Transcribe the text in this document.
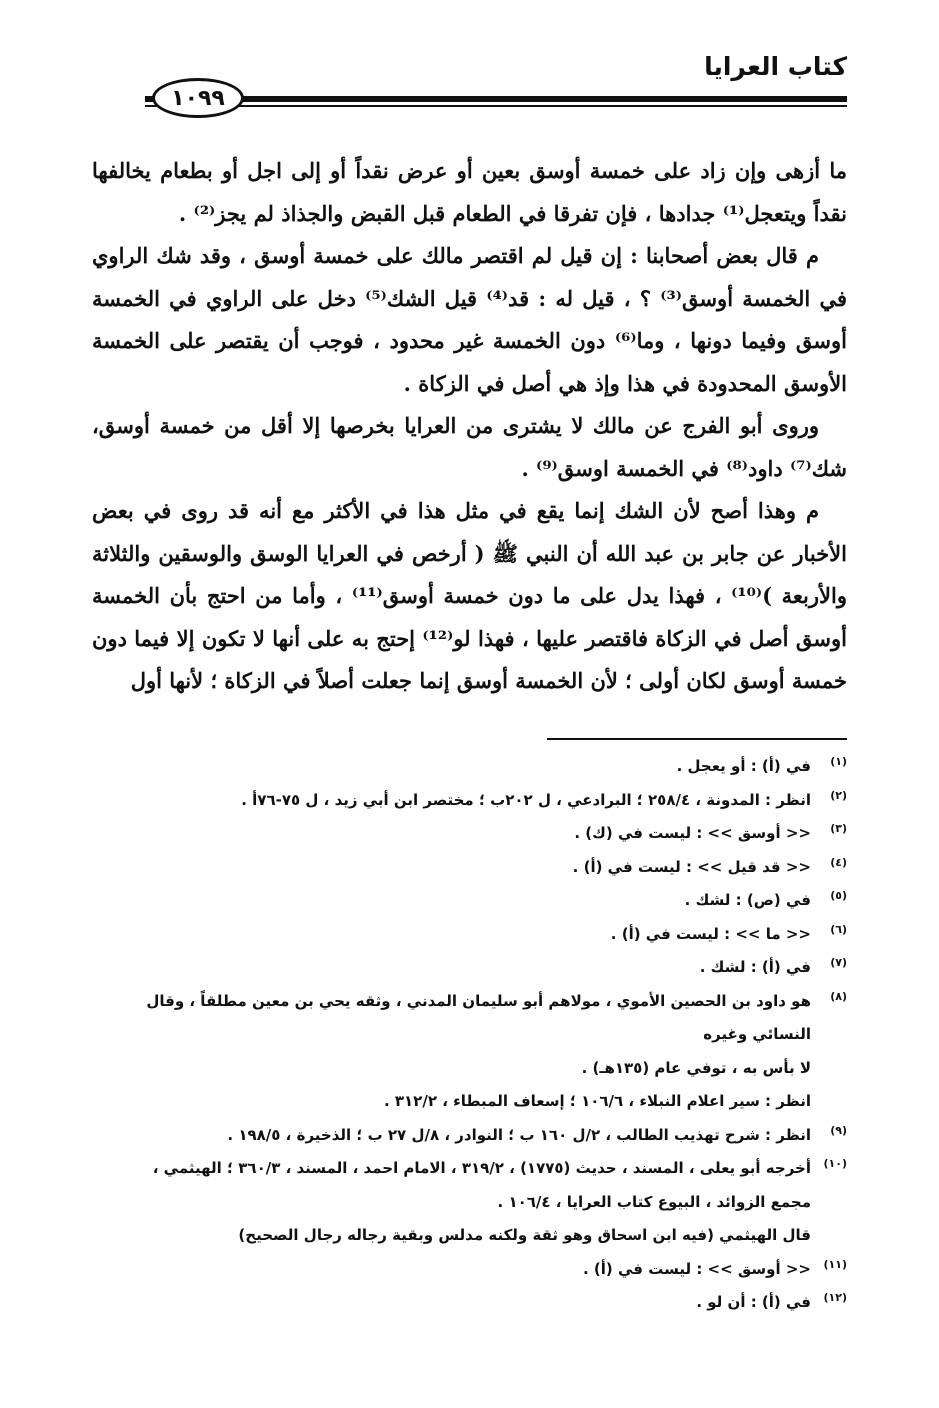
كتاب العرايا
١٠٩٩

ما أزهى وإن زاد على خمسة أوسق بعين أو عرض نقداً أو إلى اجل أو بطعام يخالفها نقداً ويتعجل⁽¹⁾ جدادها ، فإن تفرقا في الطعام قبل القبض والجذاذ لم يجز⁽²⁾ .

م قال بعض أصحابنا : إن قيل لم اقتصر مالك على خمسة أوسق ، وقد شك الراوي في الخمسة أوسق⁽³⁾ ؟ ، قيل له : قد⁽⁴⁾ قيل الشك⁽⁵⁾ دخل على الراوي في الخمسة أوسق وفيما دونها ، وما⁽⁶⁾ دون الخمسة غير محدود ، فوجب أن يقتصر على الخمسة الأوسق المحدودة في هذا وإذ هي أصل في الزكاة .

وروى أبو الفرج عن مالك لا يشترى من العرايا بخرصها إلا أقل من خمسة أوسق، شك⁽⁷⁾ داود⁽⁸⁾ في الخمسة اوسق⁽⁹⁾ .

م وهذا أصح لأن الشك إنما يقع في مثل هذا في الأكثر مع أنه قد روى في بعض الأخبار عن جابر بن عبد الله أن النبي ﷺ ( أرخص في العرايا الوسق والوسقين والثلاثة والأربعة )⁽¹⁰⁾ ، فهذا يدل على ما دون خمسة أوسق⁽¹¹⁾ ، وأما من احتج بأن الخمسة أوسق أصل في الزكاة فاقتصر عليها ، فهذا لو⁽¹²⁾ إحتج به على أنها لا تكون إلا فيما دون خمسة أوسق لكان أولى ؛ لأن الخمسة أوسق إنما جعلت أصلاً في الزكاة ؛ لأنها أول

(١)
في (أ) : أو يعجل .
(٢)
انظر : المدونة ، ٢٥٨/٤ ؛ البرادعي ، ل ٢٠٢ب ؛ مختصر ابن أبي زيد ، ل ٧٥-٧٦أ .
(٣)
<< أوسق >> : ليست في (ك) .
(٤)
<< قد قيل >> : ليست في (أ) .
(٥)
في (ص) : لشك .
(٦)
<< ما >> : ليست في (أ) .
(٧)
في (أ) : لشك .
(٨)
هو داود بن الحصين الأموي ، مولاهم أبو سليمان المدني ، وثقه يحي بن معين مطلقاً ، وقال النسائي وغيره
لا بأس به ، توفي عام (١٣٥هـ) .
انظر : سير اعلام النبلاء ، ١٠٦/٦ ؛ إسعاف المبطاء ، ٣١٢/٢ .
(٩)
انظر : شرح تهذيب الطالب ، ٢/ل ١٦٠ ب ؛ النوادر ، ٨/ل ٢٧ ب ؛ الذخيرة ، ١٩٨/٥ .
(١٠)
أخرجه أبو يعلى ، المسند ، حديث (١٧٧٥) ، ٣١٩/٢ ، الامام احمد ، المسند ، ٣٦٠/٣ ؛ الهيثمي ،
مجمع الزوائد ، البيوع كتاب العرايا ، ١٠٦/٤ .
قال الهيثمي (فيه ابن اسحاق وهو ثقة ولكنه مدلس وبقية رجاله رجال الصحيح)
(١١)
<< أوسق >> : ليست في (أ) .
(١٢)
في (أ) : أن لو .
